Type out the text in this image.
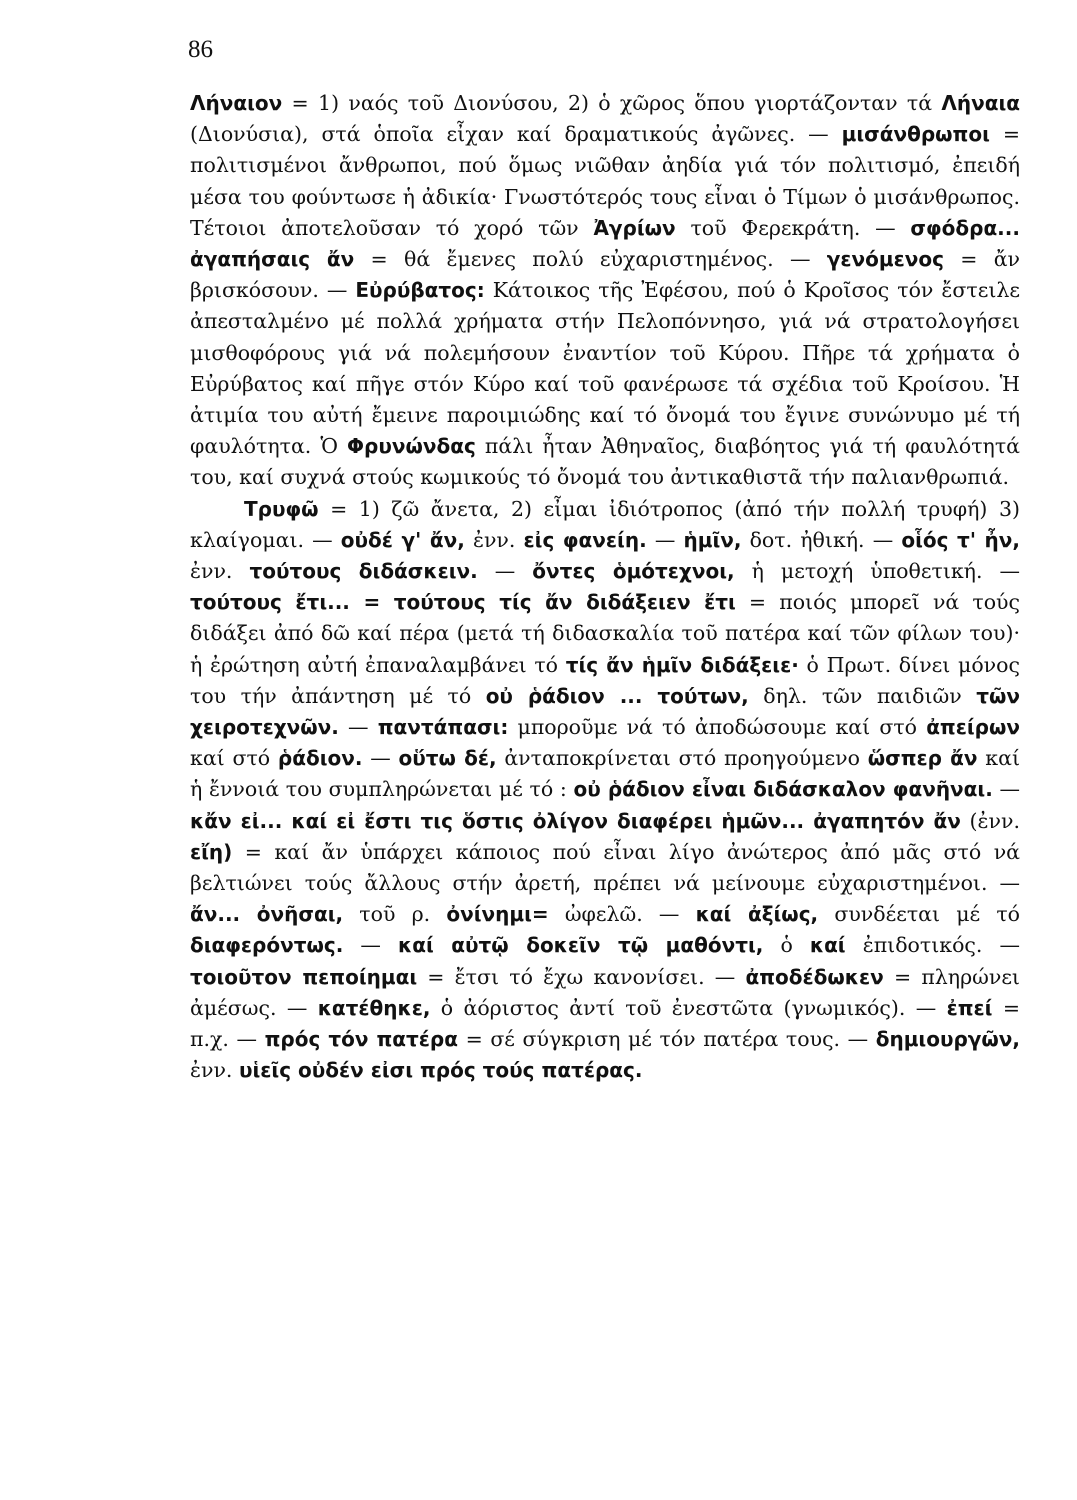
86

Λήναιον = 1) ναός τοῦ Διονύσου, 2) ὁ χῶρος ὅπου γιορτάζονταν τά Λήναια (Διονύσια), στά ὁποῖα εἶχαν καί δραματικούς ἀγῶνες. — μισάνθρωποι = πολιτισμένοι ἄνθρωποι, πού ὅμως νιῶθαν ἀηδία γιά τόν πολιτισμό, ἐπειδή μέσα του φούντωσε ἡ ἀδικία· Γνωστότερός τους εἶναι ὁ Τίμων ὁ μισάνθρωπος. Τέτοιοι ἀποτελοῦσαν τό χορό τῶν Ἀγρίων τοῦ Φερεκράτη. — σφόδρα... ἀγαπήσαις ἄν = θά ἔμενες πολύ εὐχαριστημένος. — γενόμενος = ἄν βρισκόσουν. — Εὐρύβατος: Κάτοικος τῆς Ἐφέσου, πού ὁ Κροῖσος τόν ἔστειλε ἀπεσταλμένο μέ πολλά χρήματα στήν Πελοπόννησο, γιά νά στρατολογήσει μισθοφόρους γιά νά πολεμήσουν ἐναντίον τοῦ Κύρου. Πῆρε τά χρήματα ὁ Εὐρύβατος καί πῆγε στόν Κύρο καί τοῦ φανέρωσε τά σχέδια τοῦ Κροίσου. Ἡ ἀτιμία του αὐτή ἔμεινε παροιμιώδης καί τό ὄνομά του ἔγινε συνώνυμο μέ τή φαυλότητα. Ὁ Φρυνώνδας πάλι ἦταν Ἀθηναῖος, διαβόητος γιά τή φαυλότητά του, καί συχνά στούς κωμικούς τό ὄνομά του ἀντικαθιστᾶ τήν παλιανθρωπιά.

Τρυφῶ = 1) ζῶ ἄνετα, 2) εἶμαι ἰδιότροπος (ἀπό τήν πολλή τρυφή) 3) κλαίγομαι. — οὐδέ γ' ἄν, ἐνν. εἰς φανείη. — ἡμῖν, δοτ. ἠθική. — οἷός τ' ἦν, ἐνν. τούτους διδάσκειν. — ὄντες ὁμότεχνοι, ἡ μετοχή ὑποθετική. — τούτους ἔτι... = τούτους τίς ἄν διδάξειεν ἔτι = ποιός μπορεῖ νά τούς διδάξει ἀπό δῶ καί πέρα (μετά τή διδασκαλία τοῦ πατέρα καί τῶν φίλων του)· ἡ ἐρώτηση αὐτή ἐπαναλαμβάνει τό τίς ἄν ἡμῖν διδάξειε· ὁ Πρωτ. δίνει μόνος του τήν ἀπάντηση μέ τό οὐ ῥάδιον ... τούτων, δηλ. τῶν παιδιῶν τῶν χειροτεχνῶν. — παντάπασι: μποροῦμε νά τό ἀποδώσουμε καί στό ἀπείρων καί στό ῥάδιον. — οὕτω δέ, ἀνταποκρίνεται στό προηγούμενο ὥσπερ ἄν καί ἡ ἔννοιά του συμπληρώνεται μέ τό : οὐ ῥάδιον εἶναι διδάσκαλον φανῆναι. — κἄν εἰ... καί εἰ ἔστι τις ὅστις ὀλίγον διαφέρει ἡμῶν... ἀγαπητόν ἄν (ἐνν. εἴη) = καί ἄν ὑπάρχει κάποιος πού εἶναι λίγο ἀνώτερος ἀπό μᾶς στό νά βελτιώνει τούς ἄλλους στήν ἀρετή, πρέπει νά μείνουμε εὐχαριστημένοι. — ἄν... ὀνῆσαι, τοῦ ρ. ὀνίνημι= ὠφελῶ. — καί ἀξίως, συνδέεται μέ τό διαφερόντως. — καί αὐτῷ δοκεῖν τῷ μαθόντι, ὁ καί ἐπιδοτικός. — τοιοῦτον πεποίημαι = ἔτσι τό ἔχω κανονίσει. — ἀποδέδωκεν = πληρώνει ἀμέσως. — κατέθηκε, ὁ ἀόριστος ἀντί τοῦ ἐνεστῶτα (γνωμικός). — ἐπεί = π.χ. — πρός τόν πατέρα = σέ σύγκριση μέ τόν πατέρα τους. — δημιουργῶν, ἐνν. υἱεῖς οὐδέν εἰσι πρός τούς πατέρας.
